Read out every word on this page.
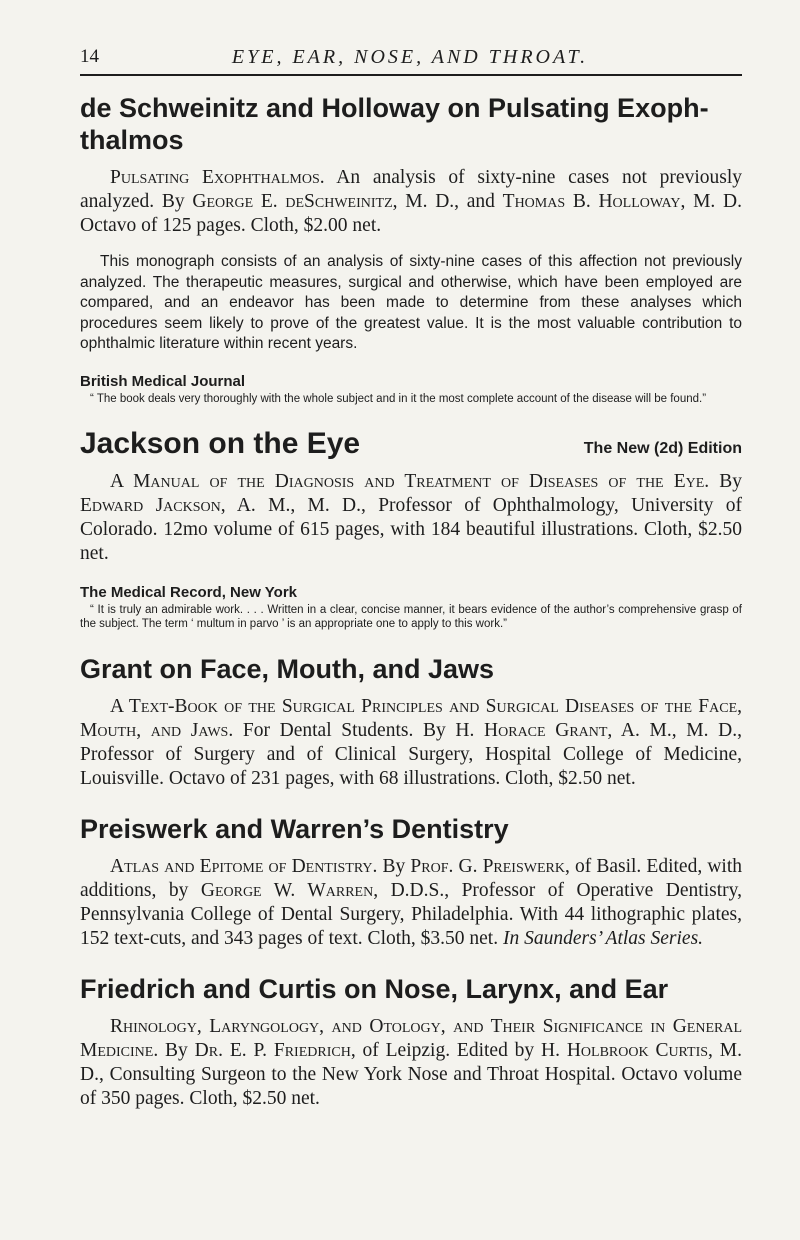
14	EYE, EAR, NOSE, AND THROAT.
de Schweinitz and Holloway on Pulsating Exoph-
thalmos

Pulsating Exophthalmos. An analysis of sixty-nine cases not previously analyzed. By George E. deSchweinitz, M. D., and Thomas B. Holloway, M. D. Octavo of 125 pages. Cloth, $2.00 net.

This monograph consists of an analysis of sixty-nine cases of this affection not previously analyzed. The therapeutic measures, surgical and otherwise, which have been employed are compared, and an endeavor has been made to determine from these analyses which procedures seem likely to prove of the greatest value. It is the most valuable contribution to ophthalmic literature within recent years.

British Medical Journal

“ The book deals very thoroughly with the whole subject and in it the most complete account of the disease will be found.”

Jackson on the Eye	The New (2d) Edition

A Manual of the Diagnosis and Treatment of Diseases of the Eye. By Edward Jackson, A. M., M. D., Professor of Ophthalmology, University of Colorado. 12mo volume of 615 pages, with 184 beautiful illustrations. Cloth, $2.50 net.

The Medical Record, New York

“ It is truly an admirable work. . . . Written in a clear, concise manner, it bears evidence of the author’s comprehensive grasp of the subject. The term ‘ multum in parvo ’ is an appropriate one to apply to this work.”

Grant on Face, Mouth, and Jaws

A Text-Book of the Surgical Principles and Surgical Diseases of the Face, Mouth, and Jaws. For Dental Students. By H. Horace Grant, A. M., M. D., Professor of Surgery and of Clinical Surgery, Hospital College of Medicine, Louisville. Octavo of 231 pages, with 68 illustrations. Cloth, $2.50 net.

Preiswerk and Warren’s Dentistry

Atlas and Epitome of Dentistry. By Prof. G. Preiswerk, of Basil. Edited, with additions, by George W. Warren, D.D.S., Professor of Operative Dentistry, Pennsylvania College of Dental Surgery, Philadelphia. With 44 lithographic plates, 152 text-cuts, and 343 pages of text. Cloth, $3.50 net. In Saunders’ Atlas Series.

Friedrich and Curtis on Nose, Larynx, and Ear

Rhinology, Laryngology, and Otology, and Their Significance in General Medicine. By Dr. E. P. Friedrich, of Leipzig. Edited by H. Holbrook Curtis, M. D., Consulting Surgeon to the New York Nose and Throat Hospital. Octavo volume of 350 pages. Cloth, $2.50 net.
